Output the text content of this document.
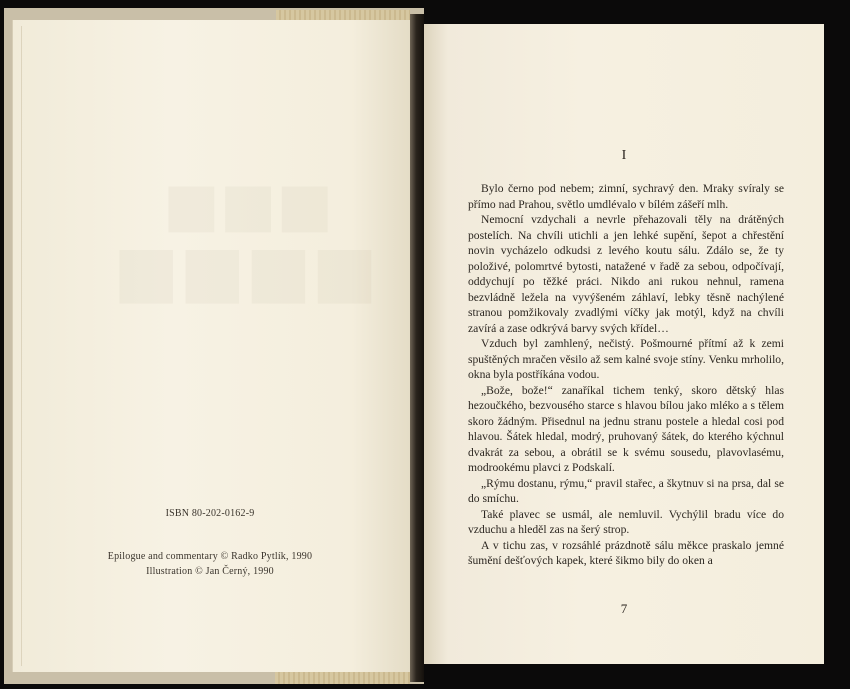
■■■
■■■■
ISBN 80-202-0162-9
Epilogue and commentary © Radko Pytlík, 1990
Illustration © Jan Černý, 1990
I

Bylo černo pod nebem; zimní, sychravý den. Mraky svíraly se přímo nad Prahou, světlo umdlévalo v bílém zášeří mlh.

Nemocní vzdychali a nevrle přehazovali těly na drátěných postelích. Na chvíli utichli a jen lehké supění, šepot a chřestění novin vycházelo odkudsi z levého koutu sálu. Zdálo se, že ty položivé, polomrtvé bytosti, natažené v řadě za sebou, odpočívají, oddychují po těžké práci. Nikdo ani rukou nehnul, ramena bezvládně ležela na vyvýšeném záhlaví, lebky těsně nachýlené stranou pomžikovaly zvadlými víčky jak motýl, když na chvíli zavírá a zase odkrývá barvy svých křídel…

Vzduch byl zamhlený, nečistý. Pošmourné přítmí až k zemi spuštěných mračen věsilo až sem kalné svoje stíny. Venku mrholilo, okna byla postříkána vodou.

„Bože, bože!“ zanaříkal tichem tenký, skoro dětský hlas hezoučkého, bezvousého starce s hlavou bílou jako mléko a s tělem skoro žádným. Přisednul na jednu stranu postele a hledal cosi pod hlavou. Šátek hledal, modrý, pruhovaný šátek, do kterého kýchnul dvakrát za sebou, a obrátil se k svému sousedu, plavovlasému, modrookému plavci z Podskalí.

„Rýmu dostanu, rýmu,“ pravil stařec, a škytnuv si na prsa, dal se do smíchu.

Také plavec se usmál, ale nemluvil. Vychýlil bradu více do vzduchu a hleděl zas na šerý strop.

A v tichu zas, v rozsáhlé prázdnotě sálu měkce praskalo jemné šumění dešťových kapek, které šikmo bily do oken a

7
